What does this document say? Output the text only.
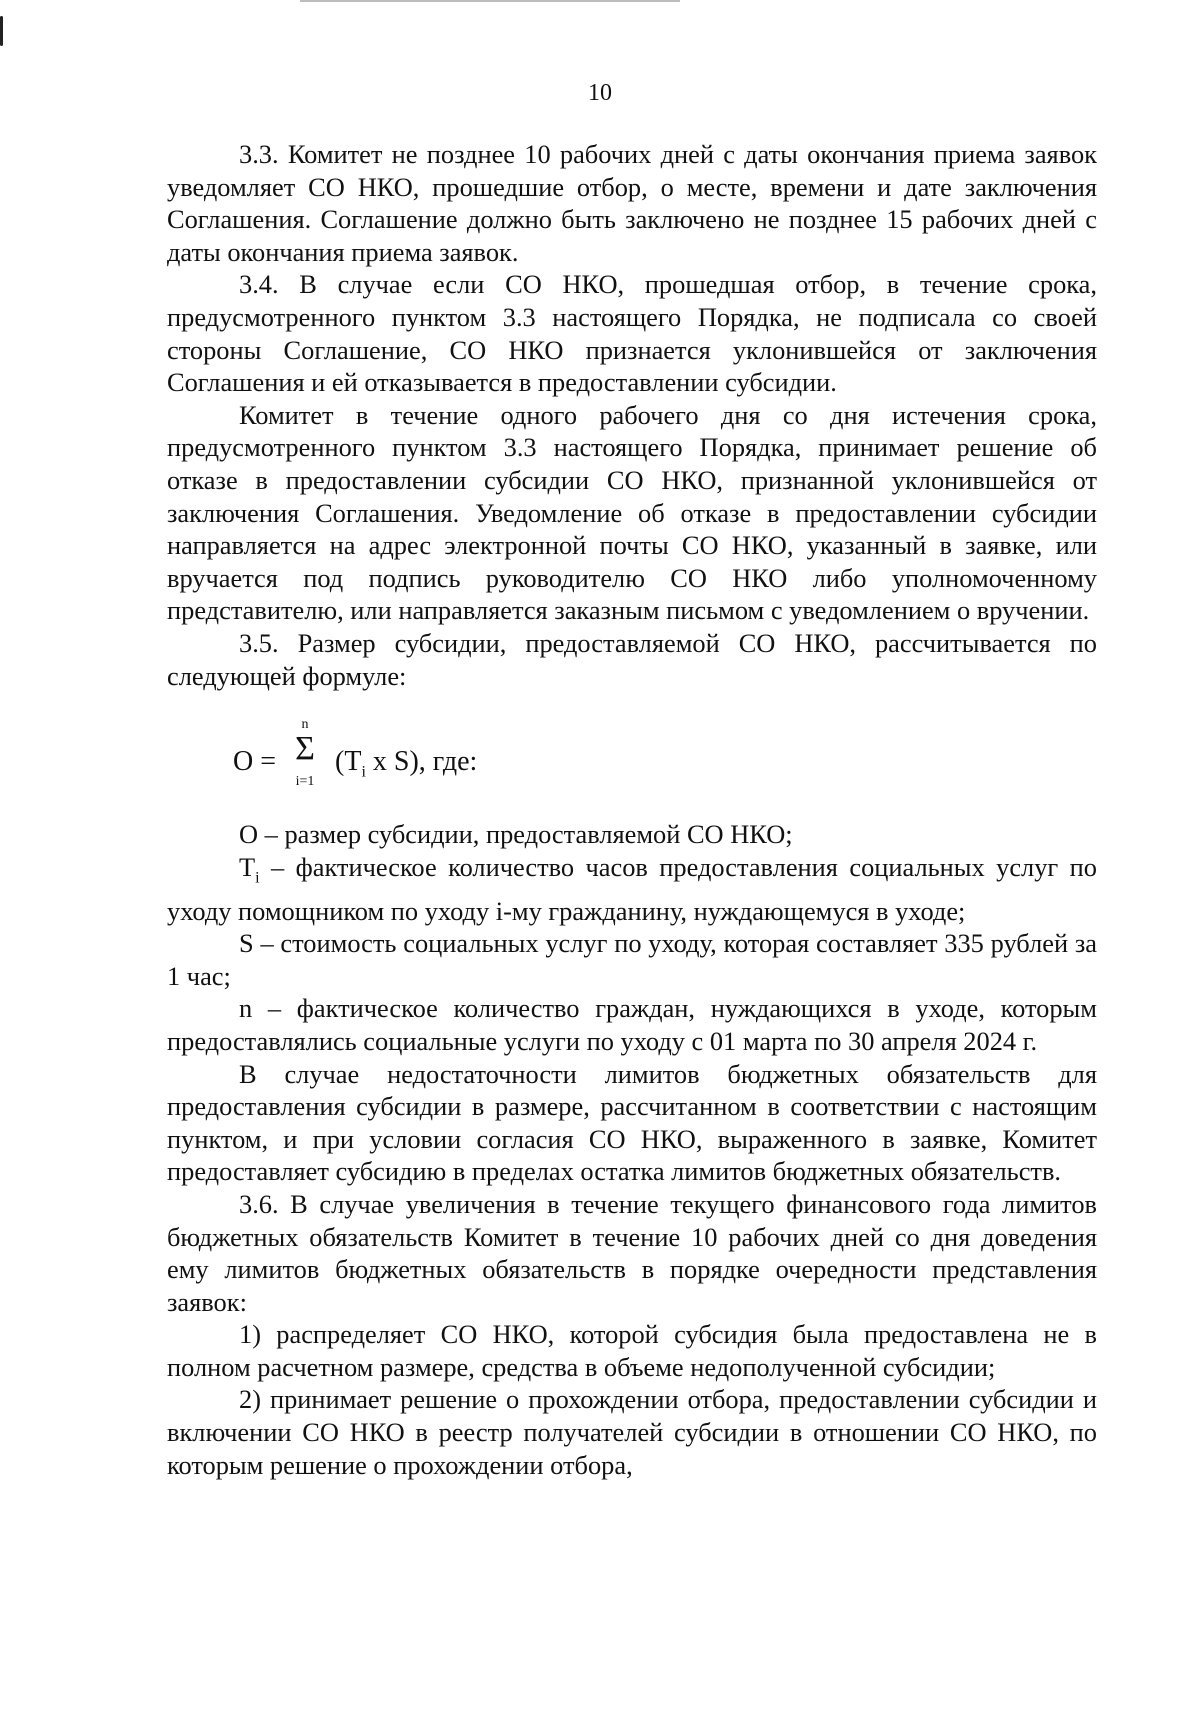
10

3.3. Комитет не позднее 10 рабочих дней с даты окончания приема заявок уведомляет СО НКО, прошедшие отбор, о месте, времени и дате заключения Соглашения. Соглашение должно быть заключено не позднее 15 рабочих дней с даты окончания приема заявок.

3.4. В случае если СО НКО, прошедшая отбор, в течение срока, предусмотренного пунктом 3.3 настоящего Порядка, не подписала со своей стороны Соглашение, СО НКО признается уклонившейся от заключения Соглашения и ей отказывается в предоставлении субсидии.

Комитет в течение одного рабочего дня со дня истечения срока, предусмотренного пунктом 3.3 настоящего Порядка, принимает решение об отказе в предоставлении субсидии СО НКО, признанной уклонившейся от заключения Соглашения. Уведомление об отказе в предоставлении субсидии направляется на адрес электронной почты СО НКО, указанный в заявке, или вручается под подпись руководителю СО НКО либо уполномоченному представителю, или направляется заказным письмом с уведомлением о вручении.

3.5. Размер субсидии, предоставляемой СО НКО, рассчитывается по следующей формуле:

O =
n
Σ
i=1
($T_i$ x S), где:

O – размер субсидии, предоставляемой СО НКО;

$T_i$ – фактическое количество часов предоставления социальных услуг по уходу помощником по уходу i-му гражданину, нуждающемуся в уходе;

S – стоимость социальных услуг по уходу, которая составляет 335 рублей за 1 час;

n – фактическое количество граждан, нуждающихся в уходе, которым предоставлялись социальные услуги по уходу с 01 марта по 30 апреля 2024 г.

В случае недостаточности лимитов бюджетных обязательств для предоставления субсидии в размере, рассчитанном в соответствии с настоящим пунктом, и при условии согласия СО НКО, выраженного в заявке, Комитет предоставляет субсидию в пределах остатка лимитов бюджетных обязательств.

3.6. В случае увеличения в течение текущего финансового года лимитов бюджетных обязательств Комитет в течение 10 рабочих дней со дня доведения ему лимитов бюджетных обязательств в порядке очередности представления заявок:

1) распределяет СО НКО, которой субсидия была предоставлена не в полном расчетном размере, средства в объеме недополученной субсидии;

2) принимает решение о прохождении отбора, предоставлении субсидии и включении СО НКО в реестр получателей субсидии в отношении СО НКО, по которым решение о прохождении отбора,
